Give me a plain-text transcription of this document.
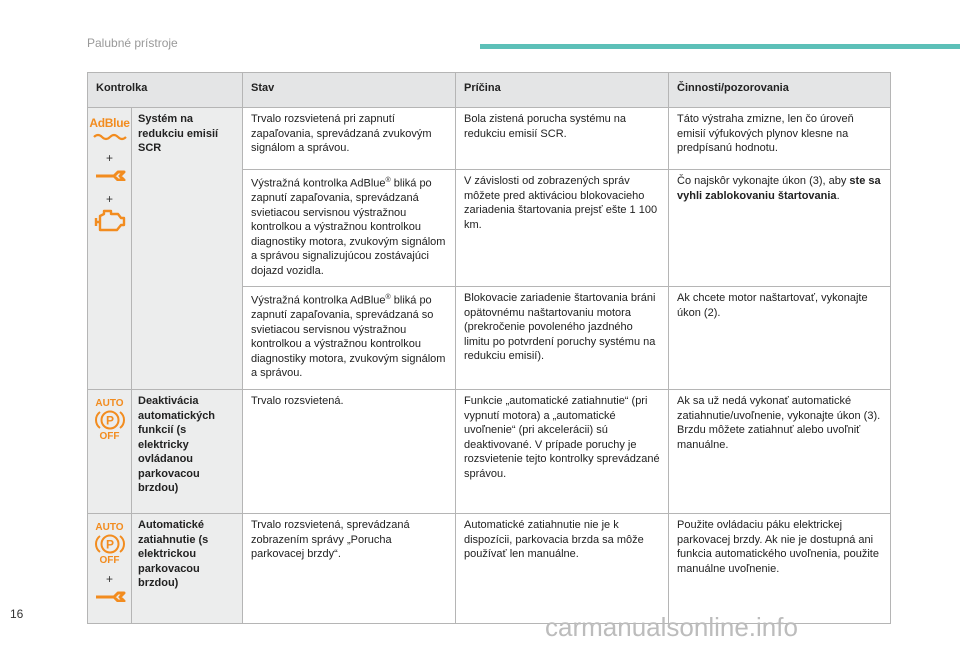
Palubné prístroje
Kontrolka		Stav	Príčina	Činnosti/pozorovania

AdBlue
+
+	Systém na redukciu emisií SCR	Trvalo rozsvietená pri zapnutí zapaľovania, sprevádzaná zvukovým signálom a správou.	Bola zistená porucha systému na redukciu emisií SCR.	Táto výstraha zmizne, len čo úroveň emisií výfukových plynov klesne na predpísanú hodnotu.
		Výstražná kontrolka AdBlue® bliká po zapnutí zapaľovania, sprevádzaná svietiacou servisnou výstražnou kontrolkou a výstražnou kontrolkou diagnostiky motora, zvukovým signálom a správou signalizujúcou zostávajúci dojazd vozidla.	V závislosti od zobrazených správ môžete pred aktiváciou blokovacieho zariadenia štartovania prejsť ešte 1 100 km.	Čo najskôr vykonajte úkon (3), aby ste sa vyhli zablokovaniu štartovania.
		Výstražná kontrolka AdBlue® bliká po zapnutí zapaľovania, sprevádzaná so svietiacou servisnou výstražnou kontrolkou a výstražnou kontrolkou diagnostiky motora, zvukovým signálom a správou.	Blokovacie zariadenie štartovania bráni opätovnému naštartovaniu motora (prekročenie povoleného jazdného limitu po potvrdení poruchy systému na redukciu emisií).	Ak chcete motor naštartovať, vykonajte úkon (2).

AUTO
P
OFF	Deaktivácia automatických funkcií (s elektricky ovládanou parkovacou brzdou)	Trvalo rozsvietená.	Funkcie „automatické zatiahnutie“ (pri vypnutí motora) a „automatické uvoľnenie“ (pri akcelerácii) sú deaktivované. V prípade poruchy je rozsvietenie tejto kontrolky sprevádzané správou.	Ak sa už nedá vykonať automatické zatiahnutie/uvoľnenie, vykonajte úkon (3). Brzdu môžete zatiahnuť alebo uvoľniť manuálne.

AUTO
P
OFF
+	Automatické zatiahnutie (s elektrickou parkovacou brzdou)	Trvalo rozsvietená, sprevádzaná zobrazením správy „Porucha parkovacej brzdy“.	Automatické zatiahnutie nie je k dispozícii, parkovacia brzda sa môže používať len manuálne.	Použite ovládaciu páku elektrickej parkovacej brzdy. Ak nie je dostupná ani funkcia automatického uvoľnenia, použite manuálne uvoľnenie.
16	carmanualsonline.info
